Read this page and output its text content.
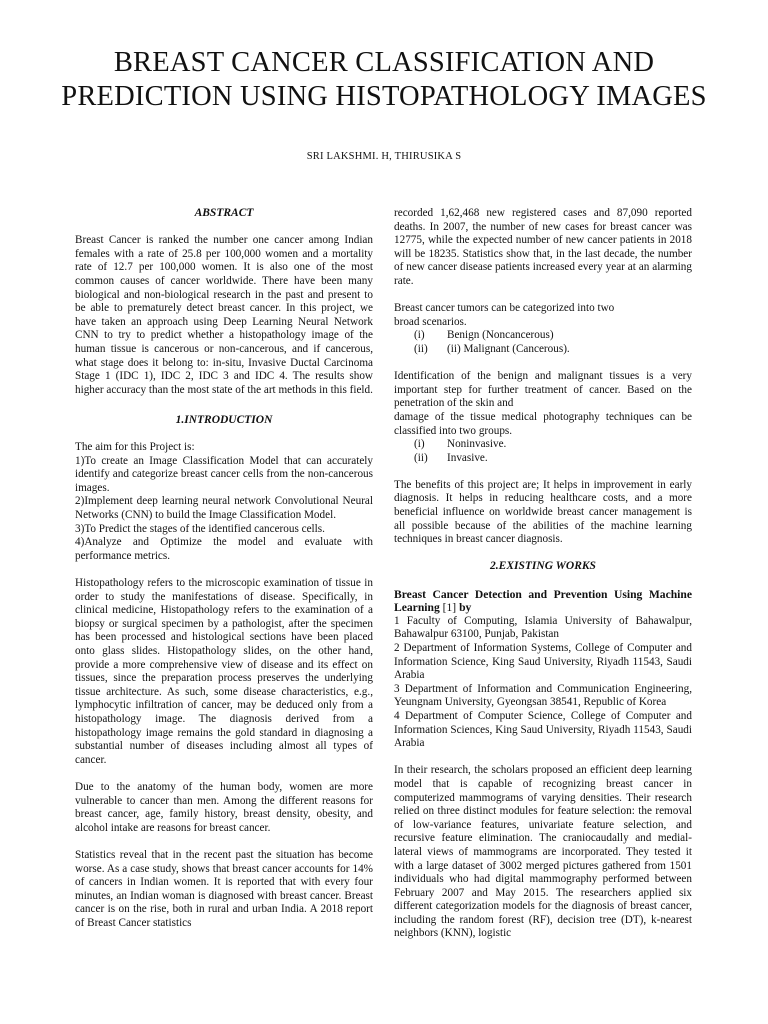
BREAST CANCER CLASSIFICATION AND PREDICTION USING HISTOPATHOLOGY IMAGES
SRI LAKSHMI. H, THIRUSIKA S

ABSTRACT

Breast Cancer is ranked the number one cancer among Indian females with a rate of 25.8 per 100,000 women and a mortality rate of 12.7 per 100,000 women. It is also one of the most common causes of cancer worldwide. There have been many biological and non-biological research in the past and present to be able to prematurely detect breast cancer. In this project, we have taken an approach using Deep Learning Neural Network CNN to try to predict whether a histopathology image of the human tissue is cancerous or non-cancerous, and if cancerous, what stage does it belong to: in-situ, Invasive Ductal Carcinoma Stage 1 (IDC 1), IDC 2, IDC 3 and IDC 4. The results show higher accuracy than the most state of the art methods in this field.

1.INTRODUCTION

The aim for this Project is:

1)To create an Image Classification Model that can accurately identify and categorize breast cancer cells from the non-cancerous images.

2)Implement deep learning neural network Convolutional Neural Networks (CNN) to build the Image Classification Model.

3)To Predict the stages of the identified cancerous cells.

4)Analyze and Optimize the model and evaluate with performance metrics.

Histopathology refers to the microscopic examination of tissue in order to study the manifestations of disease. Specifically, in clinical medicine, Histopathology refers to the examination of a biopsy or surgical specimen by a pathologist, after the specimen has been processed and histological sections have been placed onto glass slides. Histopathology slides, on the other hand, provide a more comprehensive view of disease and its effect on tissues, since the preparation process preserves the underlying tissue architecture. As such, some disease characteristics, e.g., lymphocytic infiltration of cancer, may be deduced only from a histopathology image. The diagnosis derived from a histopathology image remains the gold standard in diagnosing a substantial number of diseases including almost all types of cancer.

Due to the anatomy of the human body, women are more vulnerable to cancer than men. Among the different reasons for breast cancer, age, family history, breast density, obesity, and alcohol intake are reasons for breast cancer.

Statistics reveal that in the recent past the situation has become worse. As a case study, shows that breast cancer accounts for 14% of cancers in Indian women. It is reported that with every four minutes, an Indian woman is diagnosed with breast cancer. Breast cancer is on the rise, both in rural and urban India. A 2018 report of Breast Cancer statistics

recorded 1,62,468 new registered cases and 87,090 reported deaths. In 2007, the number of new cases for breast cancer was 12775, while the expected number of new cancer patients in 2018 will be 18235. Statistics show that, in the last decade, the number of new cancer disease patients increased every year at an alarming rate.

Breast cancer tumors can be categorized into two

broad scenarios.

(i)	Benign (Noncancerous)
(ii)	(ii) Malignant (Cancerous).

Identification of the benign and malignant tissues is a very important step for further treatment of cancer. Based on the penetration of the skin and

damage of the tissue medical photography techniques can be classified into two groups.

(i)	Noninvasive.
(ii)	Invasive.

The benefits of this project are; It helps in improvement in early diagnosis. It helps in reducing healthcare costs, and a more beneficial influence on worldwide breast cancer management is all possible because of the abilities of the machine learning techniques in breast cancer diagnosis.

2.EXISTING WORKS

Breast Cancer Detection and Prevention Using Machine Learning [1] by

1 Faculty of Computing, Islamia University of Bahawalpur, Bahawalpur 63100, Punjab, Pakistan

2 Department of Information Systems, College of Computer and Information Science, King Saud University, Riyadh 11543, Saudi Arabia

3 Department of Information and Communication Engineering, Yeungnam University, Gyeongsan 38541, Republic of Korea

4 Department of Computer Science, College of Computer and Information Sciences, King Saud University, Riyadh 11543, Saudi Arabia

In their research, the scholars proposed an efficient deep learning model that is capable of recognizing breast cancer in computerized mammograms of varying densities. Their research relied on three distinct modules for feature selection: the removal of low-variance features, univariate feature selection, and recursive feature elimination. The craniocaudally and medial-lateral views of mammograms are incorporated. They tested it with a large dataset of 3002 merged pictures gathered from 1501 individuals who had digital mammography performed between February 2007 and May 2015. The researchers applied six different categorization models for the diagnosis of breast cancer, including the random forest (RF), decision tree (DT), k-nearest neighbors (KNN), logistic
